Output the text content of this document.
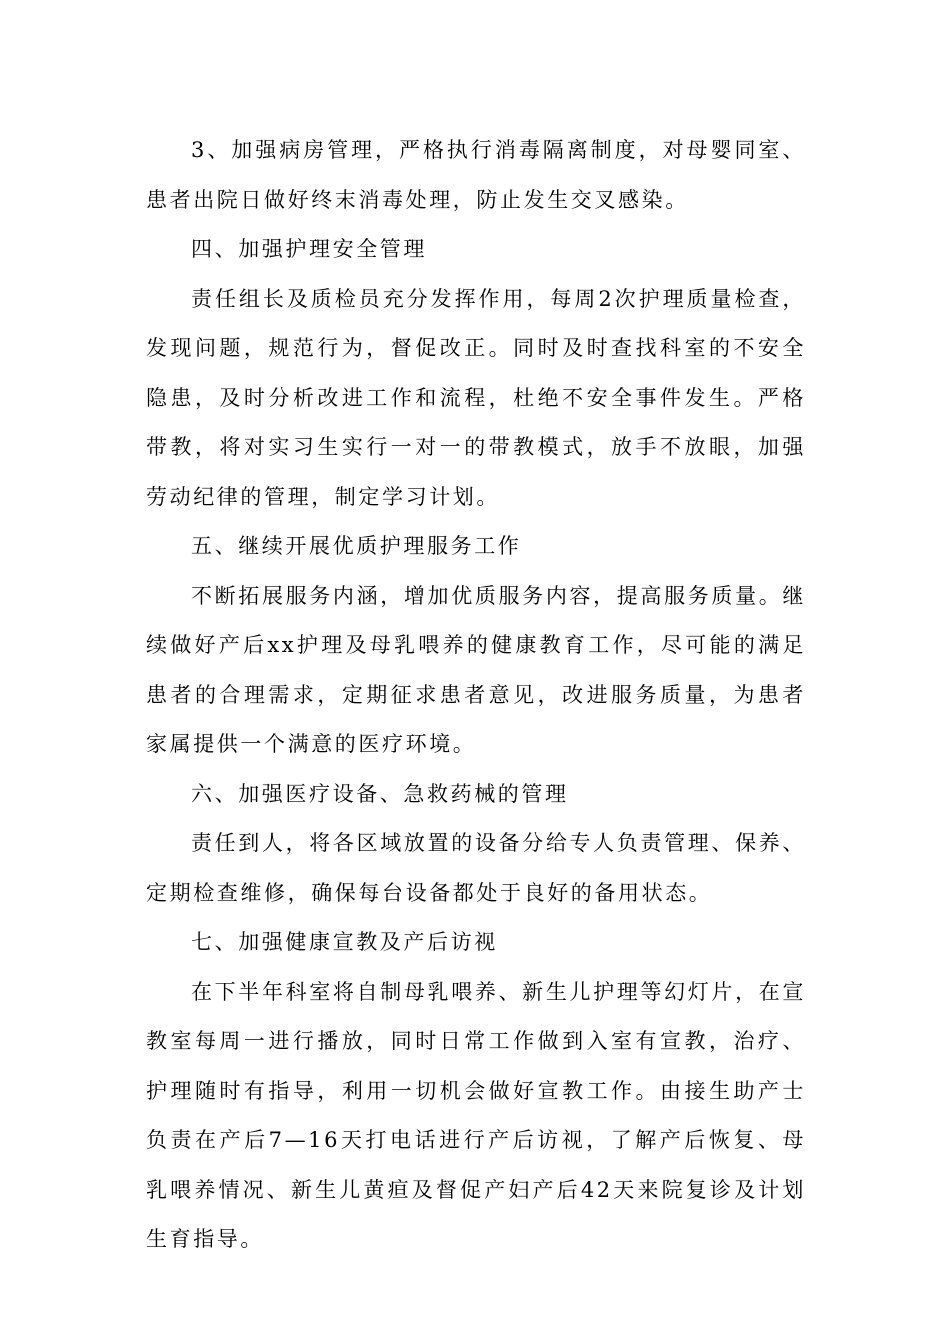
3、加强病房管理，严格执行消毒隔离制度，对母婴同室、患者出院日做好终末消毒处理，防止发生交叉感染。

四、加强护理安全管理

责任组长及质检员充分发挥作用，每周2次护理质量检查，发现问题，规范行为，督促改正。同时及时查找科室的不安全隐患，及时分析改进工作和流程，杜绝不安全事件发生。严格带教，将对实习生实行一对一的带教模式，放手不放眼，加强劳动纪律的管理，制定学习计划。

五、继续开展优质护理服务工作

不断拓展服务内涵，增加优质服务内容，提高服务质量。继续做好产后xx护理及母乳喂养的健康教育工作，尽可能的满足患者的合理需求，定期征求患者意见，改进服务质量，为患者家属提供一个满意的医疗环境。

六、加强医疗设备、急救药械的管理

责任到人，将各区域放置的设备分给专人负责管理、保养、定期检查维修，确保每台设备都处于良好的备用状态。

七、加强健康宣教及产后访视

在下半年科室将自制母乳喂养、新生儿护理等幻灯片，在宣教室每周一进行播放，同时日常工作做到入室有宣教，治疗、护理随时有指导，利用一切机会做好宣教工作。由接生助产士负责在产后7—16天打电话进行产后访视，了解产后恢复、母乳喂养情况、新生儿黄疸及督促产妇产后42天来院复诊及计划生育指导。
